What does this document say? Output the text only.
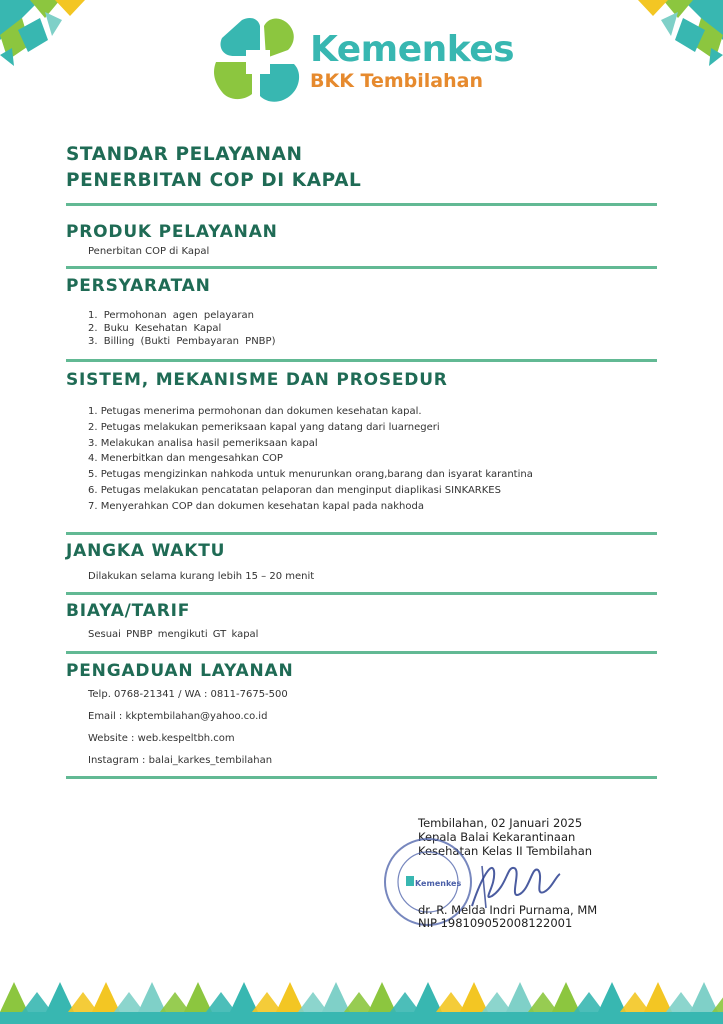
Kemenkes
BKK Tembilahan
STANDAR PELAYANAN
PENERBITAN COP DI KAPAL
PRODUK PELAYANAN
Penerbitan COP di Kapal
PERSYARATAN
1. Permohonan agen pelayaran
2. Buku Kesehatan Kapal
3. Billing (Bukti Pembayaran PNBP)
SISTEM, MEKANISME DAN PROSEDUR
1. Petugas menerima permohonan dan dokumen kesehatan kapal.
2. Petugas melakukan pemeriksaan kapal yang datang dari luarnegeri
3. Melakukan analisa hasil pemeriksaan kapal
4. Menerbitkan dan mengesahkan COP
5. Petugas mengizinkan nahkoda untuk menurunkan orang,barang dan isyarat karantina
6. Petugas melakukan pencatatan pelaporan dan menginput diaplikasi SINKARKES
7. Menyerahkan COP dan dokumen kesehatan kapal pada nakhoda
JANGKA WAKTU
Dilakukan selama kurang lebih 15 – 20 menit
BIAYA/TARIF
Sesuai PNBP mengikuti GT kapal
PENGADUAN LAYANAN
Telp. 0768-21341 / WA : 0811-7675-500
Email : kkptembilahan@yahoo.co.id
Website : web.kespeltbh.com
Instagram : balai_karkes_tembilahan
Tembilahan, 02 Januari 2025
Kepala Balai Kekarantinaan
Kesehatan Kelas II Tembilahan
Kemenkes
dr. R. Melda Indri Purnama, MM
NIP 198109052008122001
